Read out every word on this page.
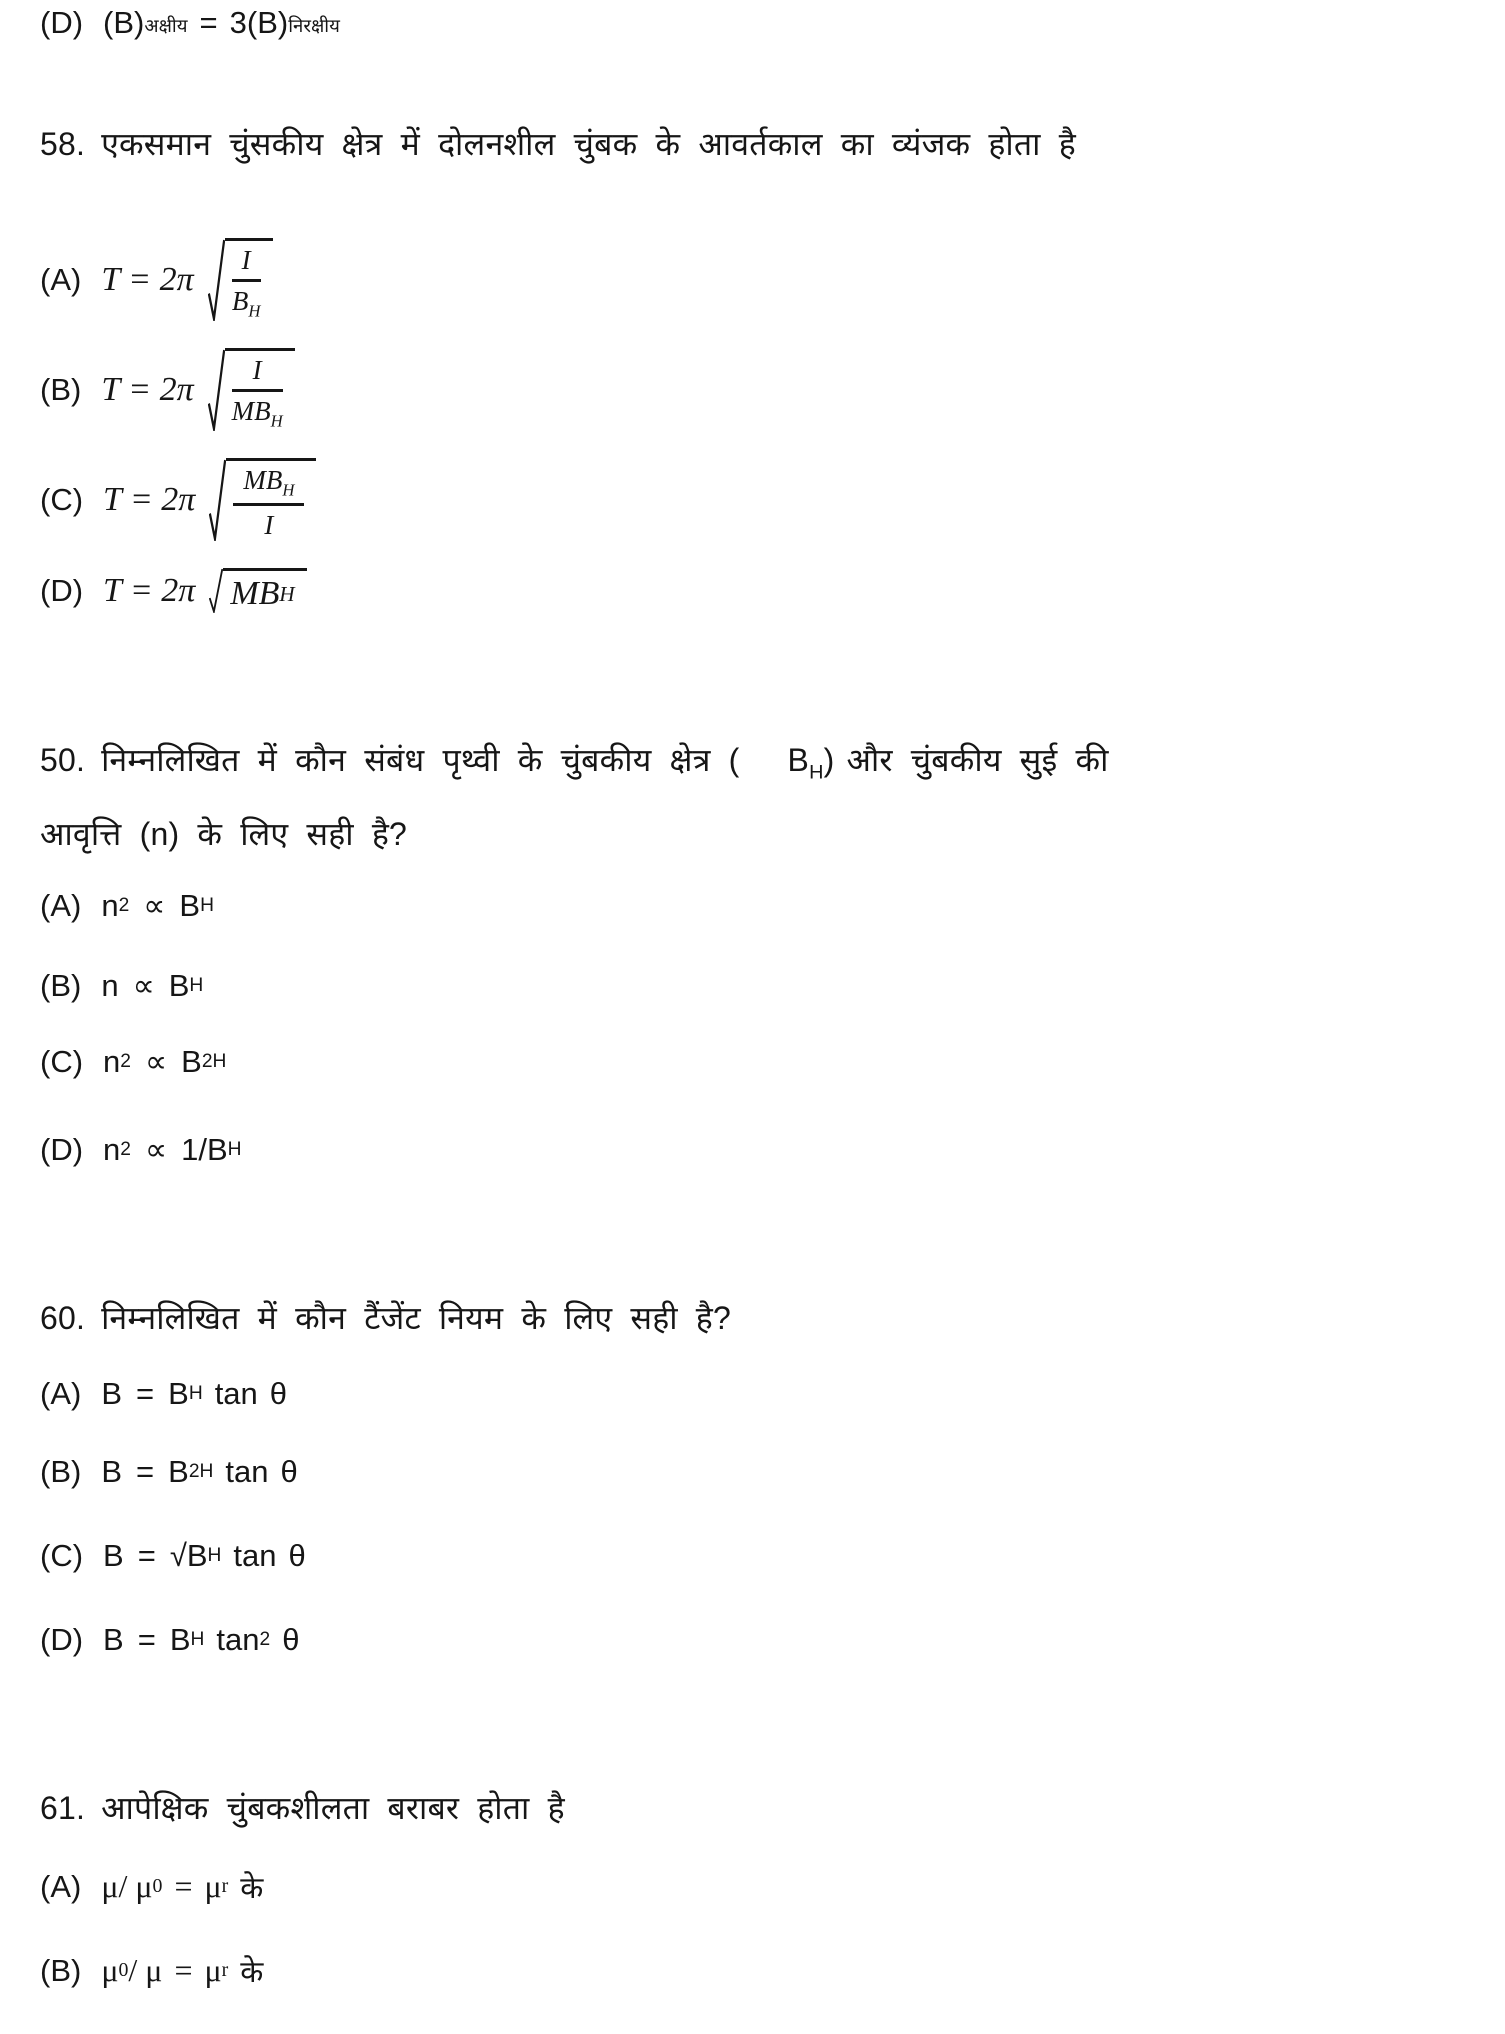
(D) (B) अक्षीय = 3(B) निरक्षीय
58. एकसमान चुंसकीय क्षेत्र में दोलनशील चुंबक के आवर्तकाल का व्यंजक होता है
(A) $T = 2\pi \frac{I}{B_H}$
(B) $T = 2\pi \frac{I}{MB_H}$
(C) $T = 2\pi \frac{MB_H}{I}$
(D) T = 2π MB H
50. निम्नलिखित में कौन संबंध पृथ्वी के चुंबकीय क्षेत्र ( $B_H$) और चुंबकीय सुई की
आवृत्ति (n) के लिए सही है?
(A) n 2 ∝ B H
(B) n ∝ B H
(C) n 2 ∝ B 2 H
(D) n 2 ∝ 1/B H
60. निम्नलिखित में कौन टैंजेंट नियम के लिए सही है?
(A) B = B H tan θ
(B) B = B 2 H tan θ
(C) B = √ B H tan θ
(D) B = B H tan 2 θ
61. आपेक्षिक चुंबकशीलता बराबर होता है
(A) μ/ μ 0 = μ r के
(B) μ 0 / μ = μ r के
